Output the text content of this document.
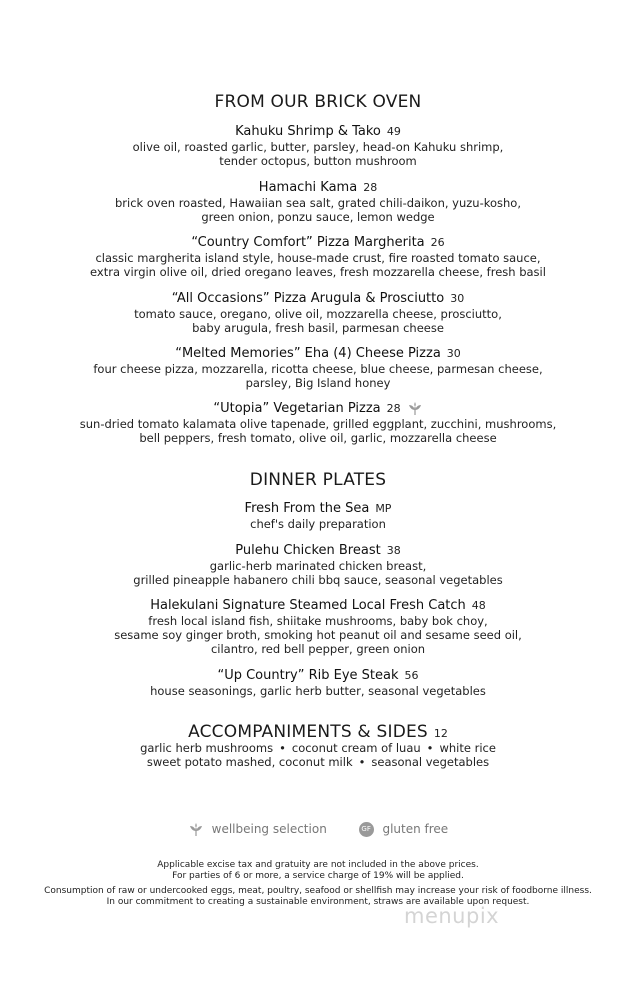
FROM OUR BRICK OVEN
Kahuku Shrimp & Tako 49
olive oil, roasted garlic, butter, parsley, head-on Kahuku shrimp,
tender octopus, button mushroom
Hamachi Kama 28
brick oven roasted, Hawaiian sea salt, grated chili-daikon, yuzu-kosho,
green onion, ponzu sauce, lemon wedge
“Country Comfort” Pizza Margherita 26
classic margherita island style, house-made crust, fire roasted tomato sauce,
extra virgin olive oil, dried oregano leaves, fresh mozzarella cheese, fresh basil
“All Occasions” Pizza Arugula & Prosciutto 30
tomato sauce, oregano, olive oil, mozzarella cheese, prosciutto,
baby arugula, fresh basil, parmesan cheese
“Melted Memories” Eha (4) Cheese Pizza 30
four cheese pizza, mozzarella, ricotta cheese, blue cheese, parmesan cheese,
parsley, Big Island honey
“Utopia” Vegetarian Pizza 28
sun-dried tomato kalamata olive tapenade, grilled eggplant, zucchini, mushrooms,
bell peppers, fresh tomato, olive oil, garlic, mozzarella cheese
DINNER PLATES
Fresh From the Sea MP
chef's daily preparation
Pulehu Chicken Breast 38
garlic-herb marinated chicken breast,
grilled pineapple habanero chili bbq sauce, seasonal vegetables
Halekulani Signature Steamed Local Fresh Catch 48
fresh local island fish, shiitake mushrooms, baby bok choy,
sesame soy ginger broth, smoking hot peanut oil and sesame seed oil,
cilantro, red bell pepper, green onion
“Up Country” Rib Eye Steak 56
house seasonings, garlic herb butter, seasonal vegetables
ACCOMPANIMENTS & SIDES 12
garlic herb mushrooms • coconut cream of luau • white rice
sweet potato mashed, coconut milk • seasonal vegetables
wellbeing selection	GF gluten free
Applicable excise tax and gratuity are not included in the above prices.
For parties of 6 or more, a service charge of 19% will be applied.
Consumption of raw or undercooked eggs, meat, poultry, seafood or shellfish may increase your risk of foodborne illness.
In our commitment to creating a sustainable environment, straws are available upon request.
menupix
